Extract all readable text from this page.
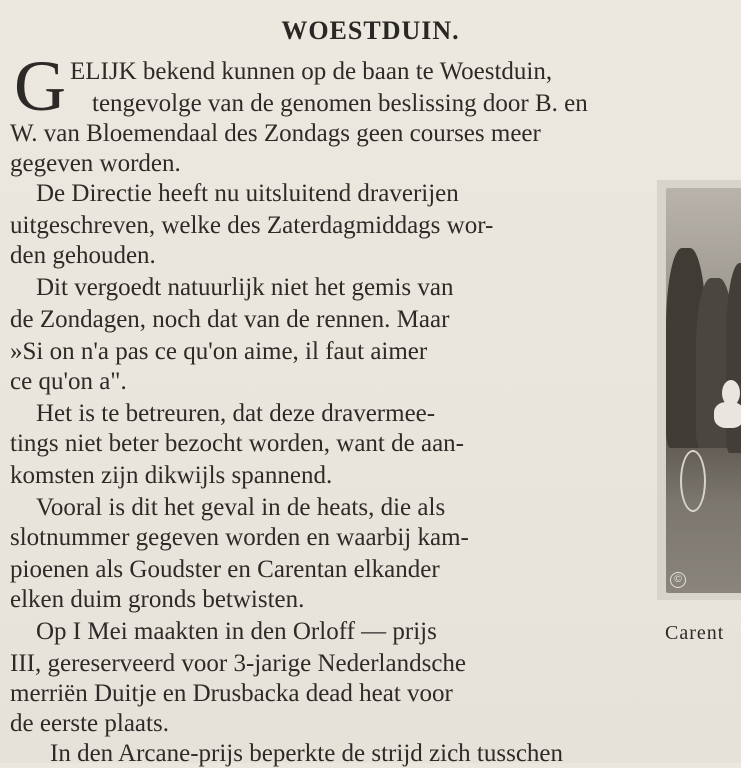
WOESTDUIN.
G ELIJK bekend kunnen op de baan te Woestduin,
tengevolge van de genomen beslissing door B. en
W. van Bloemendaal des Zondags geen courses meer
gegeven worden.
De Directie heeft nu uitsluitend draverijen
uitgeschreven, welke des Zaterdagmiddags wor-
den gehouden.
Dit vergoedt natuurlijk niet het gemis van
de Zondagen, noch dat van de rennen. Maar
»Si on n'a pas ce qu'on aime, il faut aimer
ce qu'on a".
Het is te betreuren, dat deze dravermee-
tings niet beter bezocht worden, want de aan-
komsten zijn dikwijls spannend.
Vooral is dit het geval in de heats, die als
slotnummer gegeven worden en waarbij kam-
pioenen als Goudster en Carentan elkander
elken duim gronds betwisten.
Op I Mei maakten in den Orloff — prijs
III, gereserveerd voor 3-jarige Nederlandsche
merriën Duitje en Drusbacka dead heat voor
de eerste plaats.
In den Arcane-prijs beperkte de strijd zich tusschen
©
Carent
